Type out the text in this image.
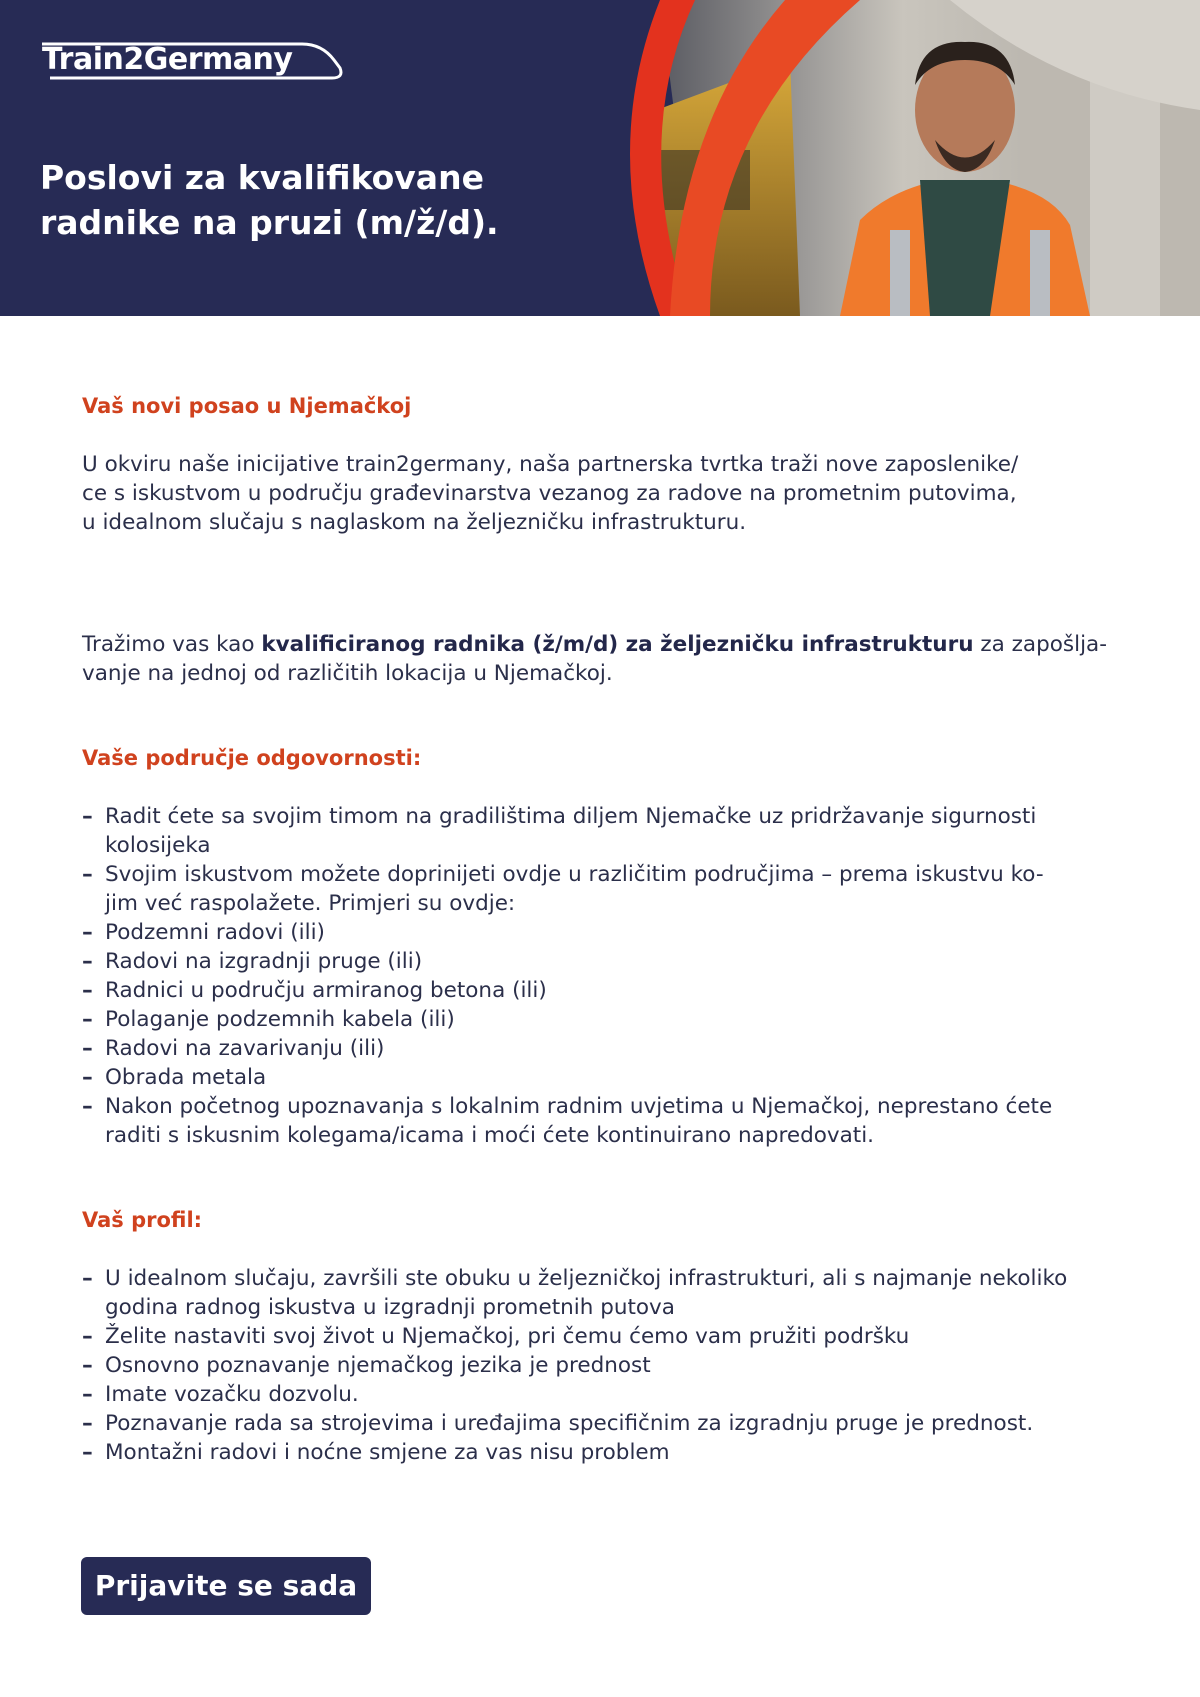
Train2Germany
Poslovi za kvalifikovane
radnike na pruzi (m/ž/d).
Vaš novi posao u Njemačkoj
U okviru naše inicijative train2germany, naša partnerska tvrtka traži nove zaposlenike/
ce s iskustvom u području građevinarstva vezanog za radove na prometnim putovima,
u idealnom slučaju s naglaskom na željezničku infrastrukturu.
Tražimo vas kao kvalificiranog radnika (ž/m/d) za željezničku infrastrukturu za zapošlja-
vanje na jednoj od različitih lokacija u Njemačkoj.
Vaše područje odgovornosti:
– Radit ćete sa svojim timom na gradilištima diljem Njemačke uz pridržavanje sigurnosti
kolosijeka
– Svojim iskustvom možete doprinijeti ovdje u različitim područjima – prema iskustvu ko-
jim već raspolažete. Primjeri su ovdje:
– Podzemni radovi (ili)
– Radovi na izgradnji pruge (ili)
– Radnici u području armiranog betona (ili)
– Polaganje podzemnih kabela (ili)
– Radovi na zavarivanju (ili)
– Obrada metala
– Nakon početnog upoznavanja s lokalnim radnim uvjetima u Njemačkoj, neprestano ćete
raditi s iskusnim kolegama/icama i moći ćete kontinuirano napredovati.
Vaš profil:
– U idealnom slučaju, završili ste obuku u željezničkoj infrastrukturi, ali s najmanje nekoliko
godina radnog iskustva u izgradnji prometnih putova
– Želite nastaviti svoj život u Njemačkoj, pri čemu ćemo vam pružiti podršku
– Osnovno poznavanje njemačkog jezika je prednost
– Imate vozačku dozvolu.
– Poznavanje rada sa strojevima i uređajima specifičnim za izgradnju pruge je prednost.
– Montažni radovi i noćne smjene za vas nisu problem
Prijavite se sada
